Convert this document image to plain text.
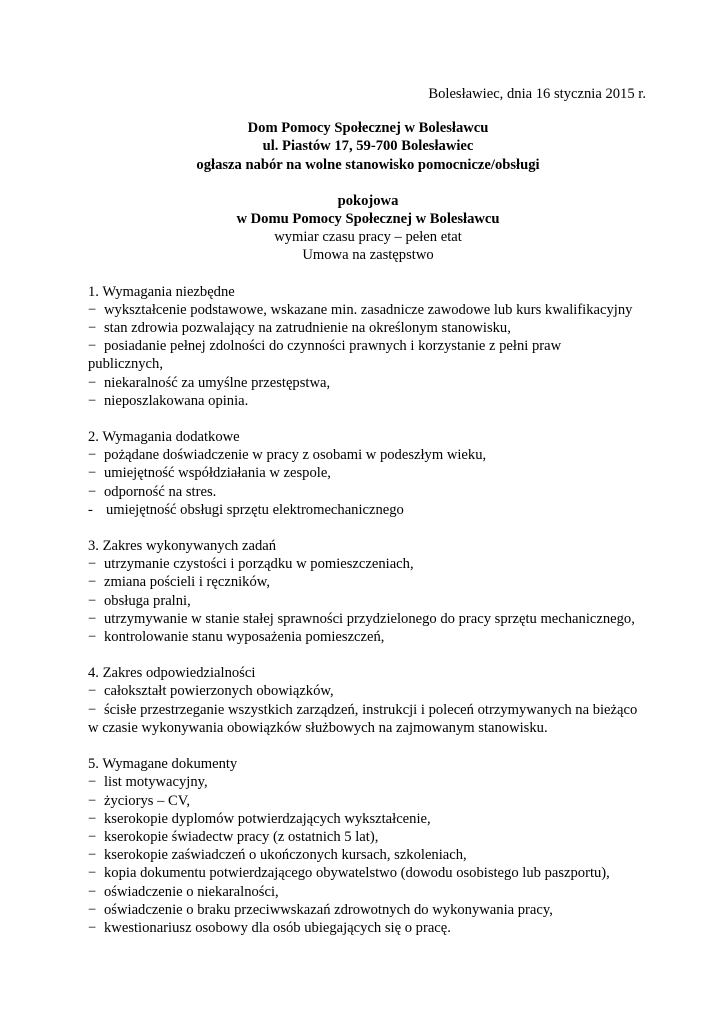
Bolesławiec, dnia 16 stycznia 2015 r.
Dom Pomocy Społecznej w Bolesławcu
ul. Piastów 17, 59-700 Bolesławiec
ogłasza nabór na wolne stanowisko pomocnicze/obsługi
pokojowa
w Domu Pomocy Społecznej w Bolesławcu
wymiar czasu pracy – pełen etat
Umowa na zastępstwo
1. Wymagania niezbędne
− wykształcenie podstawowe, wskazane min. zasadnicze zawodowe lub kurs kwalifikacyjny
− stan zdrowia pozwalający na zatrudnienie na określonym stanowisku,
− posiadanie pełnej zdolności do czynności prawnych i korzystanie z pełni praw
publicznych,
− niekaralność za umyślne przestępstwa,
− nieposzlakowana opinia.
2. Wymagania dodatkowe
− pożądane doświadczenie w pracy z osobami w podeszłym wieku,
− umiejętność współdziałania w zespole,
− odporność na stres.
- umiejętność obsługi sprzętu elektromechanicznego
3. Zakres wykonywanych zadań
− utrzymanie czystości i porządku w pomieszczeniach,
− zmiana pościeli i ręczników,
− obsługa pralni,
− utrzymywanie w stanie stałej sprawności przydzielonego do pracy sprzętu mechanicznego,
− kontrolowanie stanu wyposażenia pomieszczeń,
4. Zakres odpowiedzialności
− całokształt powierzonych obowiązków,
− ścisłe przestrzeganie wszystkich zarządzeń, instrukcji i poleceń otrzymywanych na bieżąco
w czasie wykonywania obowiązków służbowych na zajmowanym stanowisku.
5. Wymagane dokumenty
− list motywacyjny,
− życiorys – CV,
− kserokopie dyplomów potwierdzających wykształcenie,
− kserokopie świadectw pracy (z ostatnich 5 lat),
− kserokopie zaświadczeń o ukończonych kursach, szkoleniach,
− kopia dokumentu potwierdzającego obywatelstwo (dowodu osobistego lub paszportu),
− oświadczenie o niekaralności,
− oświadczenie o braku przeciwwskazań zdrowotnych do wykonywania pracy,
− kwestionariusz osobowy dla osób ubiegających się o pracę.
